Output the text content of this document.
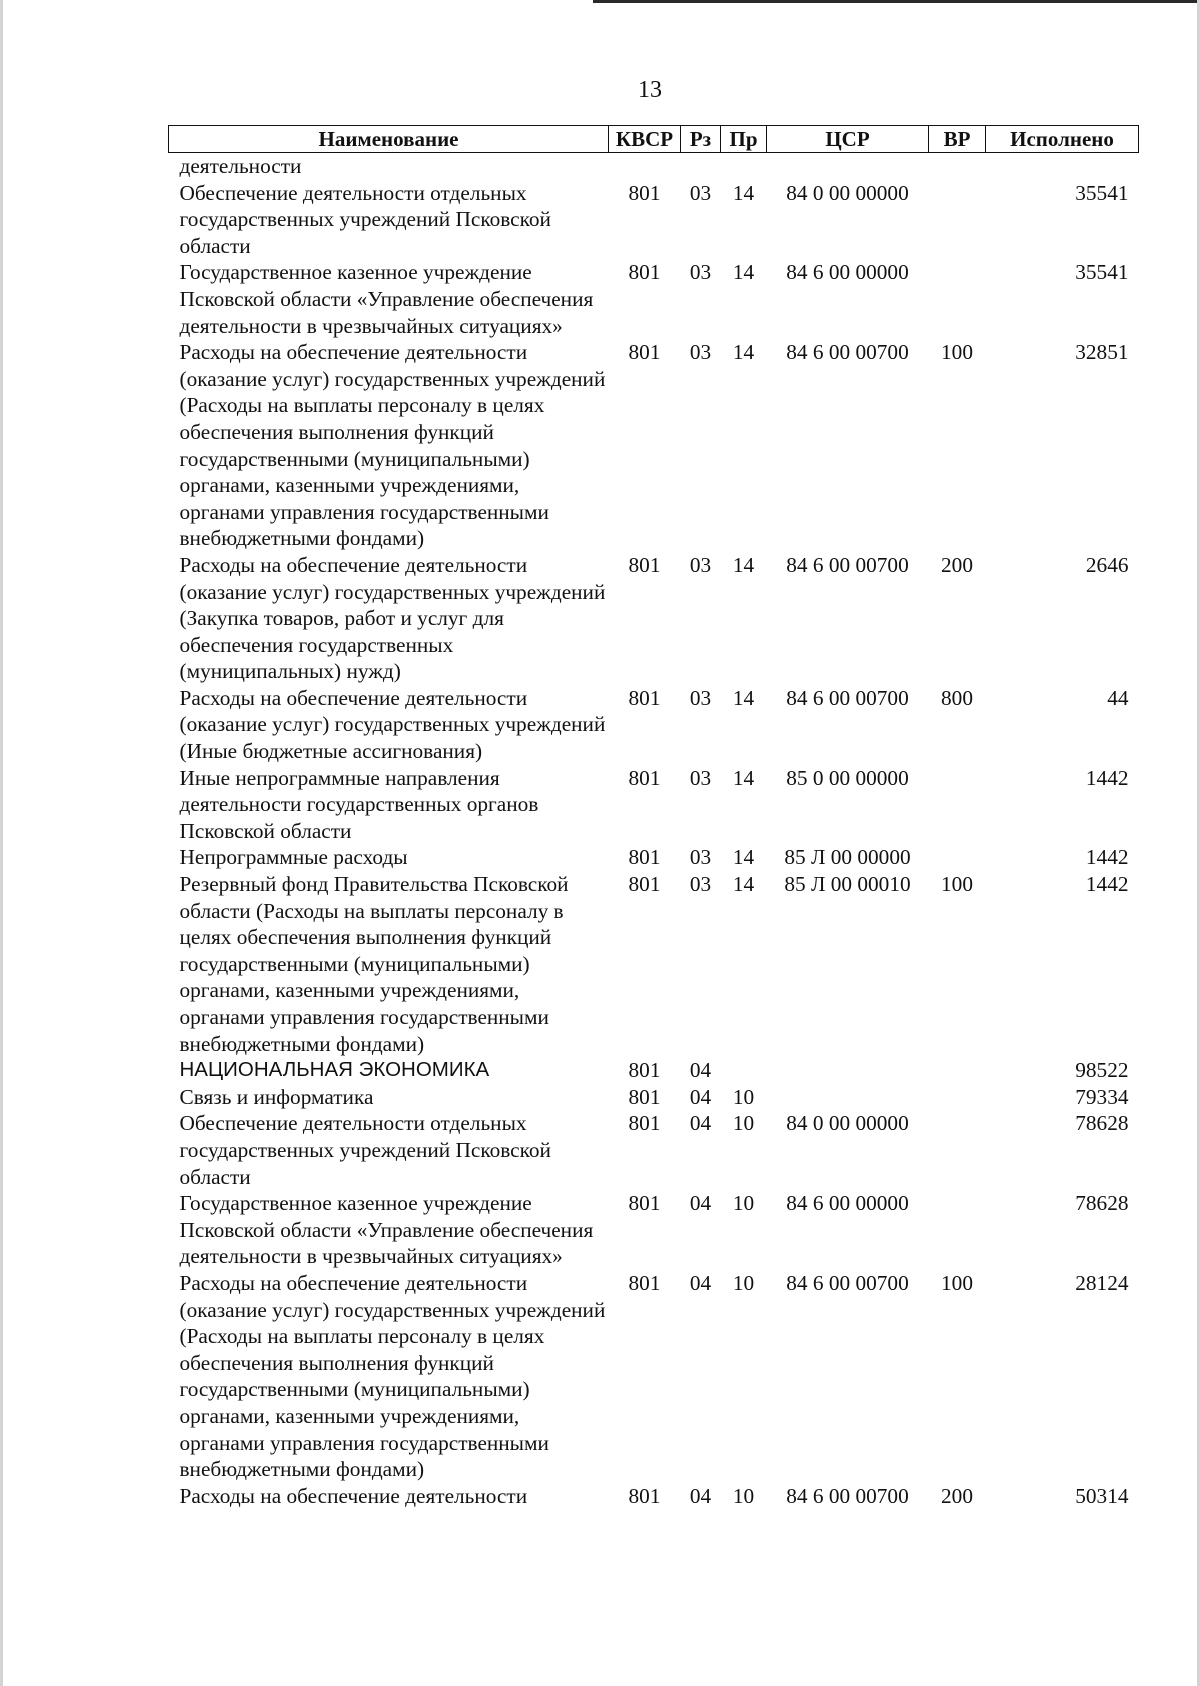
13
Наименование	КВСР	Рз	Пр	ЦСР	ВР	Исполнено
деятельности						
Обеспечение деятельности отдельных государственных учреждений Псковской области	801	03	14	84 0 00 00000		35541
Государственное казенное учреждение Псковской области «Управление обеспечения деятельности в чрезвычайных ситуациях»	801	03	14	84 6 00 00000		35541
Расходы на обеспечение деятельности (оказание услуг) государственных учреждений (Расходы на выплаты персоналу в целях обеспечения выполнения функций государственными (муниципальными) органами, казенными учреждениями, органами управления государственными внебюджетными фондами)	801	03	14	84 6 00 00700	100	32851
Расходы на обеспечение деятельности (оказание услуг) государственных учреждений (Закупка товаров, работ и услуг для обеспечения государственных (муниципальных) нужд)	801	03	14	84 6 00 00700	200	2646
Расходы на обеспечение деятельности (оказание услуг) государственных учреждений (Иные бюджетные ассигнования)	801	03	14	84 6 00 00700	800	44
Иные непрограммные направления деятельности государственных органов Псковской области	801	03	14	85 0 00 00000		1442
Непрограммные расходы	801	03	14	85 Л 00 00000		1442
Резервный фонд Правительства Псковской области (Расходы на выплаты персоналу в целях обеспечения выполнения функций государственными (муниципальными) органами, казенными учреждениями, органами управления государственными внебюджетными фондами)	801	03	14	85 Л 00 00010	100	1442
НАЦИОНАЛЬНАЯ ЭКОНОМИКА	801	04				98522
Связь и информатика	801	04	10			79334
Обеспечение деятельности отдельных государственных учреждений Псковской области	801	04	10	84 0 00 00000		78628
Государственное казенное учреждение Псковской области «Управление обеспечения деятельности в чрезвычайных ситуациях»	801	04	10	84 6 00 00000		78628
Расходы на обеспечение деятельности (оказание услуг) государственных учреждений (Расходы на выплаты персоналу в целях обеспечения выполнения функций государственными (муниципальными) органами, казенными учреждениями, органами управления государственными внебюджетными фондами)	801	04	10	84 6 00 00700	100	28124
Расходы на обеспечение деятельности	801	04	10	84 6 00 00700	200	50314
